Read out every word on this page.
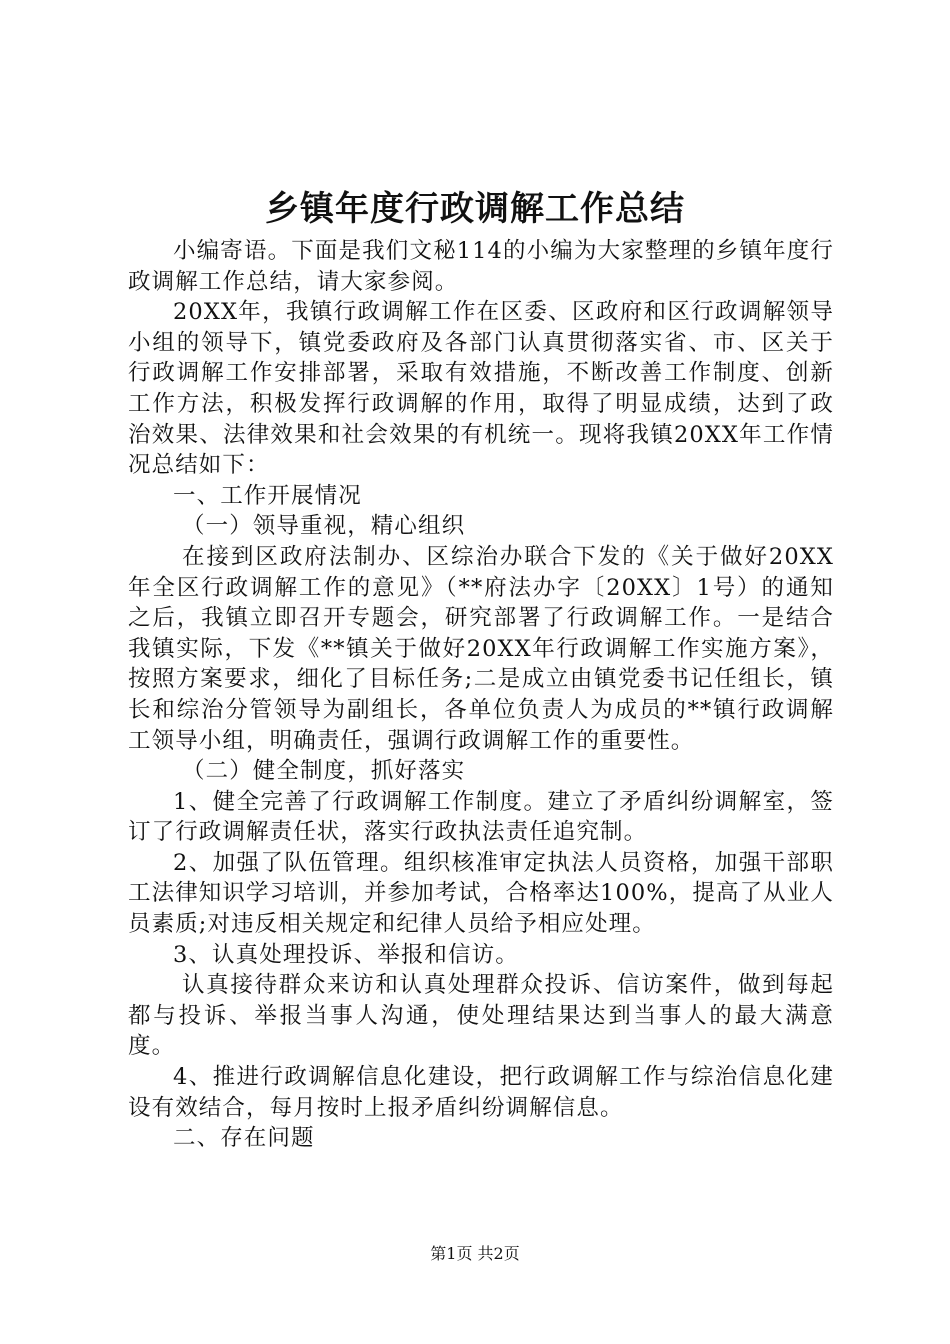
乡镇年度行政调解工作总结

小编寄语。下面是我们文秘114的小编为大家整理的乡镇年度行政调解工作总结，请大家参阅。

20XX年，我镇行政调解工作在区委、区政府和区行政调解领导小组的领导下，镇党委政府及各部门认真贯彻落实省、市、区关于行政调解工作安排部署，采取有效措施，不断改善工作制度、创新工作方法，积极发挥行政调解的作用，取得了明显成绩，达到了政治效果、法律效果和社会效果的有机统一。现将我镇20XX年工作情况总结如下：

一、工作开展情况

（一）领导重视，精心组织

在接到区政府法制办、区综治办联合下发的《关于做好20XX年全区行政调解工作的意见》（**府法办字〔20XX〕1号）的通知之后，我镇立即召开专题会，研究部署了行政调解工作。一是结合我镇实际，下发《**镇关于做好20XX年行政调解工作实施方案》，按照方案要求，细化了目标任务;二是成立由镇党委书记任组长，镇长和综治分管领导为副组长，各单位负责人为成员的**镇行政调解工领导小组，明确责任，强调行政调解工作的重要性。

（二）健全制度，抓好落实

1、健全完善了行政调解工作制度。建立了矛盾纠纷调解室，签订了行政调解责任状，落实行政执法责任追究制。

2、加强了队伍管理。组织核准审定执法人员资格，加强干部职工法律知识学习培训，并参加考试，合格率达100%，提高了从业人员素质;对违反相关规定和纪律人员给予相应处理。

3、认真处理投诉、举报和信访。

认真接待群众来访和认真处理群众投诉、信访案件，做到每起都与投诉、举报当事人沟通，使处理结果达到当事人的最大满意度。

4、推进行政调解信息化建设，把行政调解工作与综治信息化建设有效结合，每月按时上报矛盾纠纷调解信息。

二、存在问题

第1页 共2页
